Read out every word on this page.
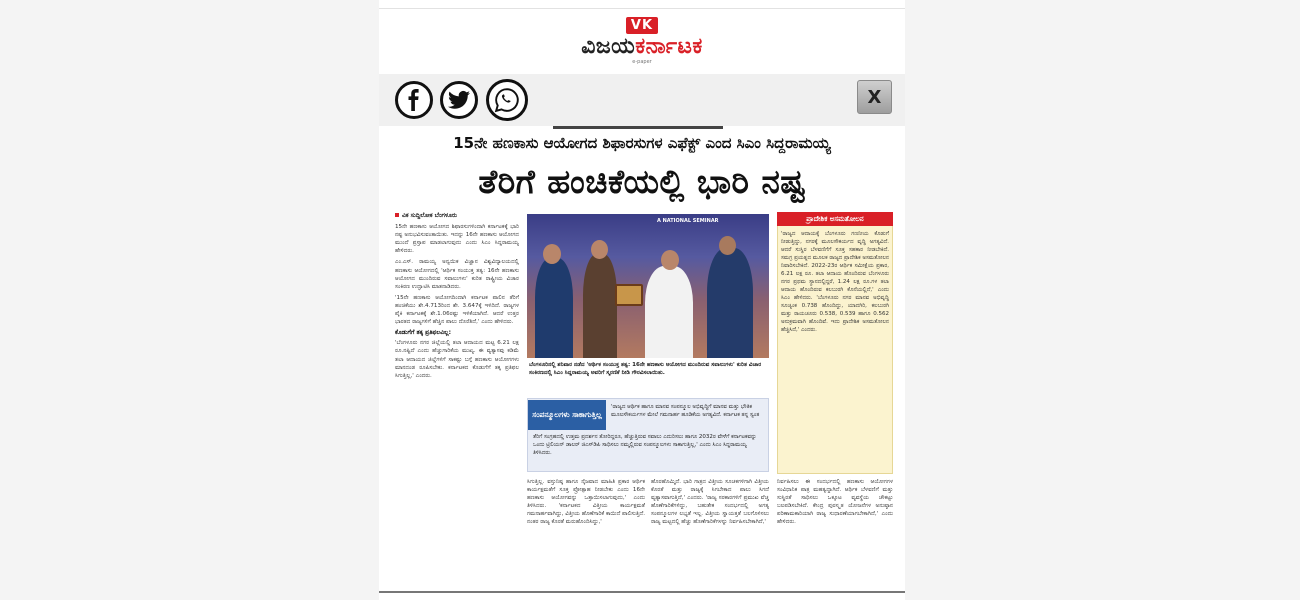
VK
ವಿಜಯಕರ್ನಾಟಕ
e-paper
X
15ನೇ ಹಣಕಾಸು ಆಯೋಗದ ಶಿಫಾರಸುಗಳ ಎಫೆಕ್ಟ್‌ ಎಂದ ಸಿಎಂ ಸಿದ್ದರಾಮಯ್ಯ
ತೆರಿಗೆ ಹಂಚಿಕೆಯಲ್ಲಿ ಭಾರಿ ನಷ್ಟ
ವಿಕ ಸುದ್ದಿಲೋಕ ಬೆಂಗಳೂರು

15ನೇ ಹಣಕಾಸು ಆಯೋಗದ ಶಿಫಾರಸುಗಳಿಂದಾಗಿ ಕರ್ನಾಟಕಕ್ಕೆ ಭಾರಿ ನಷ್ಟ ಅನುಭವಿಸುವಂತಾಯಿತು. ಇದನ್ನು 16ನೇ ಹಣಕಾಸು ಆಯೋಗದ ಮುಂದೆ ಪ್ರಸ್ತಾಪ ಮಾಡಲಾಗುವುದು ಎಂದು ಸಿಎಂ ಸಿದ್ದರಾಮಯ್ಯ ಹೇಳಿದರು.

ಎಂ.ಎಸ್‌. ರಾಮಯ್ಯ ಅನ್ವಯಿಕ ವಿಜ್ಞಾನ ವಿಶ್ವವಿದ್ಯಾಲಯದಲ್ಲಿ ಹಣಕಾಸು ಆಯೋಗದಲ್ಲಿ 'ಆರ್ಥಿಕ ಸಂಯುಕ್ತ ತತ್ವ: 16ನೇ ಹಣಕಾಸು ಆಯೋಗದ ಮುಂದಿರುವ ಸವಾಲುಗಳು' ಕುರಿತ ರಾಷ್ಟ್ರೀಯ ವಿಚಾರ ಸಂಕಿರಣ ಉದ್ಘಾಟಿಸಿ ಮಾತನಾಡಿದರು.

'15ನೇ ಹಣಕಾಸು ಆಯೋಗದಿಂದಾಗಿ ಕರ್ನಾಟಕ ಪಾಲಿನ ತೆರಿಗೆ ಹಂಚಿಕೆಯು ಶೇ.4.713ರಿಂದ ಶೇ. 3.647ಕ್ಕೆ ಇಳಿದಿದೆ. ರಾಜ್ಯಗಳ ಪೈಕಿ ಕರ್ನಾಟಕಕ್ಕೆ ಶೇ.1.06ರಷ್ಟು ಇಳಿಕೆಯಾಗಿದೆ. ಆದರೆ ಉತ್ತರ ಭಾರತದ ರಾಜ್ಯಗಳಿಗೆ ಹೆಚ್ಚಿನ ಪಾಲು ದೊರೆತಿದೆ,' ಎಂದು ಹೇಳಿದರು.

ಕೊಡುಗೆಗೆ ತಕ್ಕ ಪ್ರತಿಫಲವಿಲ್ಲ:

'ಬೆಂಗಳೂರು ನಗರ ಜಿಲ್ಲೆಯಲ್ಲಿ ತಲಾ ಆದಾಯದ ಮಟ್ಟ 6.21 ಲಕ್ಷ ರೂ.ನಷ್ಟಿದೆ ಎಂದು ಹೆಚ್ಚುಗಾರಿಕೆಯ ಮುಖ್ಯ. ಈ ವ್ಯತ್ಯಾಸವು ಕಡಿಮೆ ತಲಾ ಆದಾಯದ ಜಿಲ್ಲೆಗಳಿಗೆ ಸಾಕಷ್ಟು ಬಗ್ಗೆ ಹಣಕಾಸು ಆಯೋಗಗಳು ಮಾನದಂಡ ರೂಪಿಸಬೇಕು. ಕರ್ನಾಟಕದ ಕೊಡುಗೆಗೆ ತಕ್ಕ ಪ್ರತಿಫಲ ಸಿಗುತ್ತಿಲ್ಲ,' ಎಂದರು.

A NATIONAL SEMINAR
ಬೆಂಗಳೂರಿನಲ್ಲಿ ಶನಿವಾರ ನಡೆದ 'ಆರ್ಥಿಕ ಸಂಯುಕ್ತ ತತ್ವ: 16ನೇ ಹಣಕಾಸು ಆಯೋಗದ ಮುಂದಿರುವ ಸವಾಲುಗಳು' ಕುರಿತ ವಿಚಾರ ಸಂಕಿರಣದಲ್ಲಿ ಸಿಎಂ ಸಿದ್ದರಾಮಯ್ಯ ಅವರಿಗೆ ಸ್ಮರಣಿಕೆ ನೀಡಿ ಗೌರವಿಸಲಾಯಿತು.
ಪ್ರಾದೇಶಿಕ ಅಸಮತೋಲನ
'ರಾಜ್ಯದ ಆದಾಯಕ್ಕೆ ಬೆಂಗಳೂರು ಗಣನೀಯ ಕೊಡುಗೆ ನೀಡುತ್ತಿದ್ದು, ನಗರಕ್ಕೆ ಮೂಲಸೌಕರ್ಯದ ವೃದ್ಧಿ ಅಗತ್ಯವಿದೆ. ಆದರೆ ಸುಸ್ಥಿರ ಬೆಳವಣಿಗೆಗೆ ಸೂಕ್ತ ಸಹಕಾರ ನೀಡಬೇಕಿದೆ. ಸಮಗ್ರ ಪ್ರಯತ್ನದ ಮೂಲಕ ರಾಜ್ಯದ ಪ್ರಾದೇಶಿಕ ಅಸಮತೋಲನ ನಿವಾರಿಸಬೇಕಿದೆ. 2022-23ರ ಆರ್ಥಿಕ ಸಮೀಕ್ಷೆಯ ಪ್ರಕಾರ, 6.21 ಲಕ್ಷ ರೂ. ತಲಾ ಆದಾಯ ಹೊಂದಿರುವ ಬೆಂಗಳೂರು ನಗರ ಪ್ರಥಮ ಸ್ಥಾನದಲ್ಲಿದ್ದರೆ, 1.24 ಲಕ್ಷ ರೂ.ಗಳ ತಲಾ ಆದಾಯ ಹೊಂದಿರುವ ಕಲಬುರಗಿ ಕೊನೆಯಲ್ಲಿದೆ,' ಎಂದು ಸಿಎಂ ಹೇಳಿದರು. 'ಬೆಂಗಳೂರು ನಗರ ಮಾನವ ಅಭಿವೃದ್ಧಿ ಸೂಚ್ಯಂಕ 0.738 ಹೊಂದಿದ್ದು, ಯಾದಗಿರಿ, ಕಲಬುರಗಿ ಮತ್ತು ರಾಯಚೂರು 0.538, 0.539 ಹಾಗೂ 0.562 ಅನುಕ್ರಮವಾಗಿ ಹೊಂದಿವೆ. ಇದು ಪ್ರಾದೇಶಿಕ ಅಸಮತೋಲನ ಹೆಚ್ಚಿಸಿದೆ,' ಎಂದರು.
ಸಂಪನ್ಮೂಲಗಳು ಸಾಕಾಗುತ್ತಿಲ್ಲ
'ರಾಜ್ಯದ ಆರ್ಥಿಕ ಹಾಗೂ ಮಾನವ ಸಂಪನ್ಮೂಲ ಅಭಿವೃದ್ಧಿಗೆ ಮಾನವ ಮತ್ತು ಭೌತಿಕ ಮೂಲಸೌಕರ್ಯಗಳ ಮೇಲೆ ಗಮನಾರ್ಹ ಹೂಡಿಕೆಯ ಅಗತ್ಯವಿದೆ. ಕರ್ನಾಟಕ ತನ್ನ ಸ್ವಂತ
ತೆರಿಗೆ ಸಂಗ್ರಹದಲ್ಲಿ ಉತ್ತಮ ಪ್ರದರ್ಶನ ತೋರಿದ್ದರೂ, ಹೆಚ್ಚುತ್ತಿರುವ ಸವಾಲು ಎದುರಿಸಲು ಹಾಗೂ 2032ರ ವೇಳೆಗೆ ಕರ್ನಾಟಕವನ್ನು ಒಂದು ಟ್ರಿಲಿಯನ್‌ ಡಾಲರ್‌ ಜಿಎಸ್‌ಡಿಪಿ ಸಾಧಿಸಲು ನಮ್ಮಲ್ಲಿರುವ ಸಂಪನ್ಮೂಲಗಳು ಸಾಕಾಗುತ್ತಿಲ್ಲ,' ಎಂದು ಸಿಎಂ ಸಿದ್ದರಾಮಯ್ಯ ತಿಳಿಸಿದರು.

ಸಿಗುತ್ತಿಲ್ಲ. ವಸ್ತುನಿಷ್ಠ ಹಾಗೂ ನೈಜವಾದ ಮಾಹಿತಿ ಪ್ರಕಾರ ಆರ್ಥಿಕ ಕಾರ್ಯಕ್ಷಮತೆಗೆ ಸೂಕ್ತ ಪ್ರೋತ್ಸಾಹ ನೀಡಬೇಕು ಎಂದು 16ನೇ ಹಣಕಾಸು ಆಯೋಗವನ್ನು ಒತ್ತಾಯಿಸಲಾಗುವುದು,' ಎಂದು ತಿಳಿಸಿದರು. 'ಕರ್ನಾಟಕದ ವಿತ್ತೀಯ ಕಾರ್ಯಕ್ಷಮತೆ ಗಮನಾರ್ಹವಾಗಿದ್ದು, ವಿತ್ತೀಯ ಹೊಣೆಗಾರಿಕೆ ಕಾಯಿದೆ ಪಾಲಿಸುತ್ತಿದೆ. ನಂತರ ರಾಜ್ಯ ಕೊರತೆ ಮರುಹೊಂದಿಸಿದ್ದು,'

ಹೊರಹೊಮ್ಮಿದೆ. ಭಾರಿ ಗಾತ್ರದ ವಿತ್ತೀಯ ಸೂಚಕಗಳಿಗಾಗಿ ವಿತ್ತೀಯ ಕೊರತೆ ಮತ್ತು ರಾಜ್ಯಕ್ಕೆ ಸಿಗಬೇಕಾದ ಪಾಲು ಸಿಗದೆ ವ್ಯತ್ಯಾಸವಾಗುತ್ತಿದೆ,' ಎಂದರು. 'ರಾಜ್ಯ ಸರಕಾರಗಳಿಗೆ ಪ್ರಮುಖ ವೆಚ್ಚ ಹೊಣೆಗಾರಿಕೆಗಳಿದ್ದು, ಬಹುತೇಕ ಸಂದರ್ಭದಲ್ಲಿ ಅಗತ್ಯ ಸಂಪನ್ಮೂಲಗಳ ಲಭ್ಯತೆ ಇಲ್ಲ. ವಿತ್ತೀಯ ಸ್ವಾಯತ್ತತೆ ಬಲಗೊಳಿಸಲು ರಾಜ್ಯ ಮಟ್ಟದಲ್ಲಿ ಹೆಚ್ಚು ಹೊಣೆಗಾರಿಕೆಗಳನ್ನು ನಿರ್ವಹಿಸಬೇಕಾಗಿದೆ,'

ನಿರ್ವಹಿಸಲು ಈ ಸಂದರ್ಭದಲ್ಲಿ ಹಣಕಾಸು ಆಯೋಗಗಳ ಸಂವಿಧಾನಿಕ ಪಾತ್ರ ಮಹತ್ವದ್ದಾಗಿದೆ. ಆರ್ಥಿಕ ಬೆಳವಣಿಗೆ ಮತ್ತು ಸುಸ್ಥಿರತೆ ಸಾಧಿಸಲು ಒಕ್ಕೂಟ ವ್ಯವಸ್ಥೆಯ ಚೌಕಟ್ಟು ಬಲಪಡಿಸಬೇಕಿದೆ. ಕೇಂದ್ರ ಪುರಸ್ಕೃತ ಯೋಜನೆಗಳ ಅನುಷ್ಠಾನ ಪರಿಣಾಮಕಾರಿಯಾಗಿ ರಾಜ್ಯ ಸುಧಾರಣೆಯಾಗಬೇಕಾಗಿದೆ,' ಎಂದು ಹೇಳಿದರು.
